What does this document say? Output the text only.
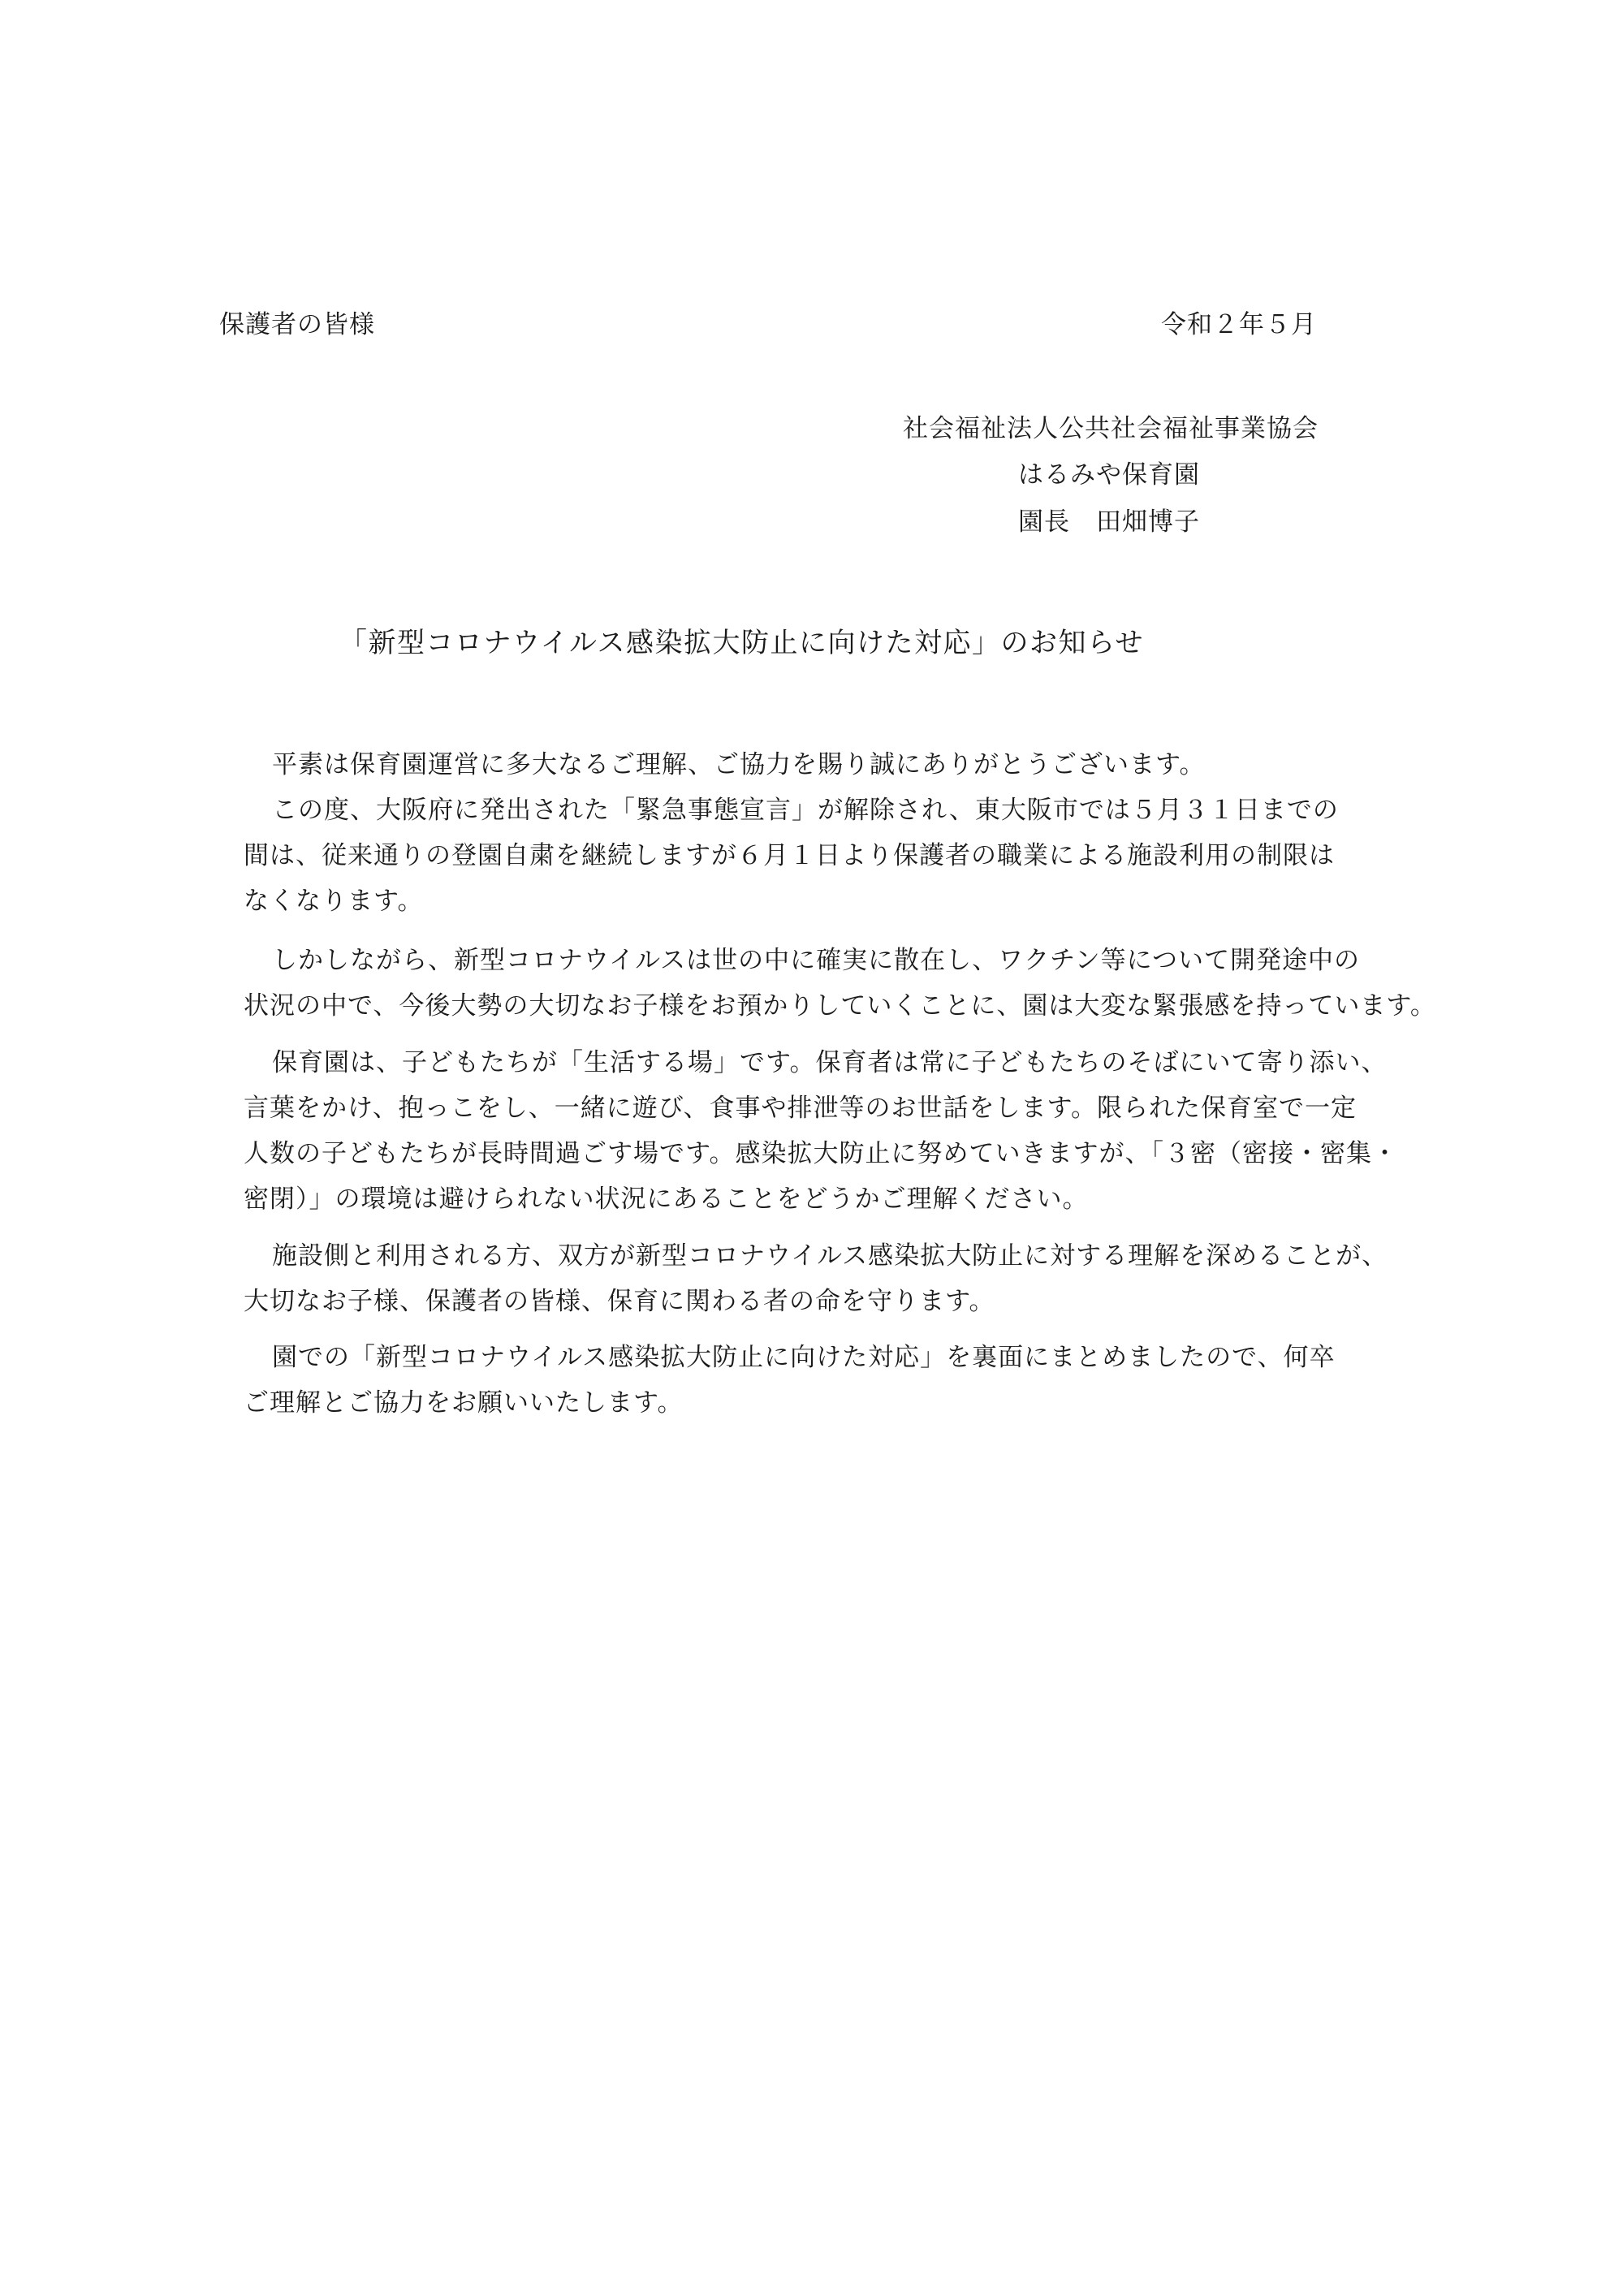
保護者の皆様	令和２年５月
社会福祉法人公共社会福祉事業協会
はるみや保育園
園長　田畑博子
「新型コロナウイルス感染拡大防止に向けた対応」のお知らせ
平素は保育園運営に多大なるご理解、ご協力を賜り誠にありがとうございます。
この度、大阪府に発出された「緊急事態宣言」が解除され、東大阪市では５月３１日までの
間は、従来通りの登園自粛を継続しますが６月１日より保護者の職業による施設利用の制限は
なくなります。
しかしながら、新型コロナウイルスは世の中に確実に散在し、ワクチン等について開発途中の
状況の中で、今後大勢の大切なお子様をお預かりしていくことに、園は大変な緊張感を持っています。
保育園は、子どもたちが「生活する場」です。保育者は常に子どもたちのそばにいて寄り添い、
言葉をかけ、抱っこをし、一緒に遊び、食事や排泄等のお世話をします。限られた保育室で一定
人数の子どもたちが長時間過ごす場です。感染拡大防止に努めていきますが、「３密（密接・密集・
密閉）」の環境は避けられない状況にあることをどうかご理解ください。
施設側と利用される方、双方が新型コロナウイルス感染拡大防止に対する理解を深めることが、
大切なお子様、保護者の皆様、保育に関わる者の命を守ります。
園での「新型コロナウイルス感染拡大防止に向けた対応」を裏面にまとめましたので、何卒
ご理解とご協力をお願いいたします。
